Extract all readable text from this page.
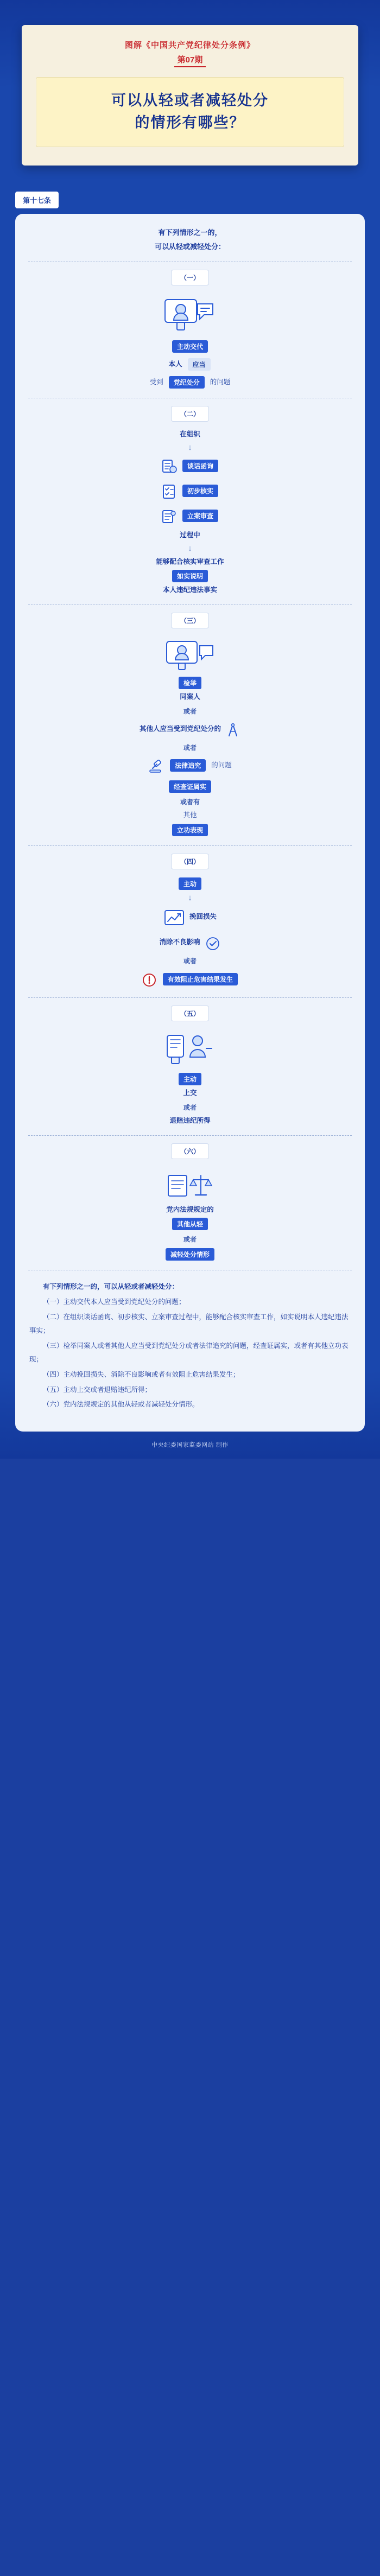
图解《中国共产党纪律处分条例》
第07期
可以从轻或者减轻处分
的情形有哪些？
第十七条
有下列情形之一的，
可以从轻或减轻处分：
（一）
主动交代
本人	应当
受到	党纪处分	的问题
（二）
在组织
↓
谈话函询
初步核实
立案审查
过程中
↓
能够配合核实审查工作
如实说明
本人违纪违法事实
（三）
检举
同案人
或者
其他人应当受到党纪处分的
或者
法律追究	的问题
经查证属实
或者有
其他
立功表现
（四）
主动
↓
挽回损失
消除不良影响
或者
有效阻止危害结果发生
（五）
主动
上交
或者
退赔违纪所得
（六）
党内法规规定的
其他从轻
或者
减轻处分情形

有下列情形之一的，可以从轻或者减轻处分：

（一）主动交代本人应当受到党纪处分的问题；

（二）在组织谈话函询、初步核实、立案审查过程中，能够配合核实审查工作，如实说明本人违纪违法事实；

（三）检举同案人或者其他人应当受到党纪处分或者法律追究的问题，经查证属实，或者有其他立功表现；

（四）主动挽回损失、消除不良影响或者有效阻止危害结果发生；

（五）主动上交或者退赔违纪所得；

（六）党内法规规定的其他从轻或者减轻处分情形。

中央纪委国家监委网站 制作
